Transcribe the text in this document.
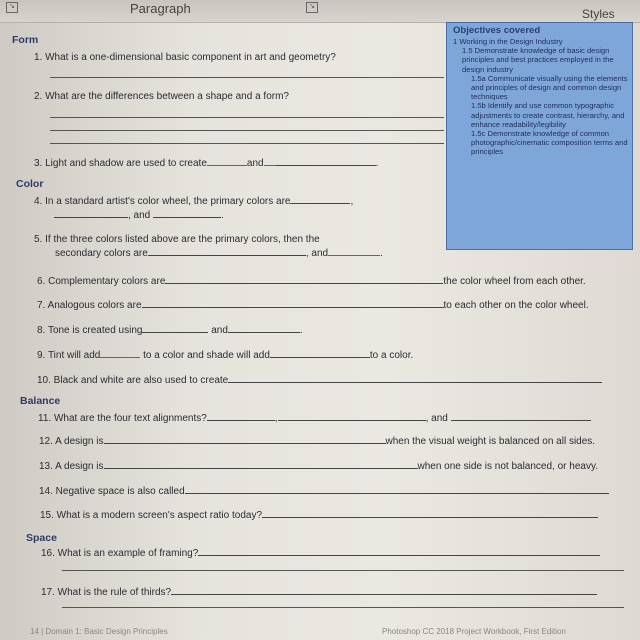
↘	Paragraph	↘
Styles
Form
1. What is a one-dimensional basic component in art and geometry?
2. What are the differences between a shape and a form?
3. Light and shadow are used to create	and	.
Color
4. In a standard artist's color wheel, the primary colors are	,
, and	.
5. If the three colors listed above are the primary colors, then the
secondary colors are	, and	.
6. Complementary colors are	the color wheel from each other.
7. Analogous colors are	to each other on the color wheel.
8. Tone is created using	and	.
9. Tint will add	to a color and shade will add	to a color.
10. Black and white are also used to create
Balance
11. What are the four text alignments?	,	, and
12. A design is	when the visual weight is balanced on all sides.
13. A design is	when one side is not balanced, or heavy.
14. Negative space is also called
15. What is a modern screen's aspect ratio today?
Space
16. What is an example of framing?
17. What is the rule of thirds?

Objectives covered

1 Working in the Design Industry
1.5 Demonstrate knowledge of basic design principles and best practices employed in the design industry
1.5a Communicate visually using the elements and principles of design and common design techniques
1.5b Identify and use common typographic adjustments to create contrast, hierarchy, and enhance readability/legibility
1.5c Demonstrate knowledge of common photographic/cinematic composition terms and principles
14 | Domain 1: Basic Design Principles	Photoshop CC 2018 Project Workbook, First Edition
